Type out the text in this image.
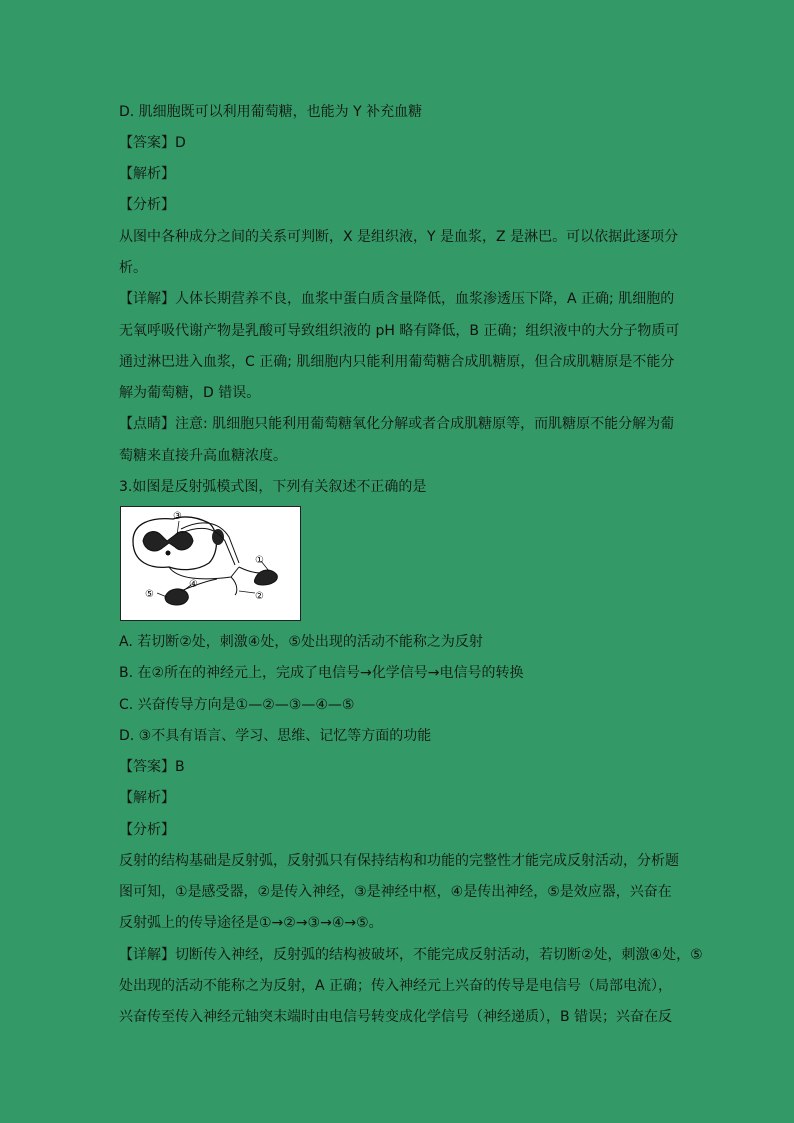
D. 肌细胞既可以利用葡萄糖，也能为 Y 补充血糖
【答案】D
【解析】
【分析】
从图中各种成分之间的关系可判断，X 是组织液，Y 是血浆，Z 是淋巴。可以依据此逐项分
析。
【详解】人体长期营养不良，血浆中蛋白质含量降低，血浆渗透压下降，A 正确; 肌细胞的
无氧呼吸代谢产物是乳酸可导致组织液的 pH 略有降低，B 正确；组织液中的大分子物质可
通过淋巴进入血浆，C 正确; 肌细胞内只能利用葡萄糖合成肌糖原，但合成肌糖原是不能分
解为葡萄糖，D 错误。
【点睛】注意: 肌细胞只能利用葡萄糖氧化分解或者合成肌糖原等，而肌糖原不能分解为葡
萄糖来直接升高血糖浓度。
3.如图是反射弧模式图，下列有关叙述不正确的是
③
①
④
⑤	②
A. 若切断②处，刺激④处，⑤处出现的活动不能称之为反射
B. 在②所在的神经元上，完成了电信号→化学信号→电信号的转换
C. 兴奋传导方向是①—②—③—④—⑤
D. ③不具有语言、学习、思维、记忆等方面的功能
【答案】B
【解析】
【分析】
反射的结构基础是反射弧，反射弧只有保持结构和功能的完整性才能完成反射活动，分析题
图可知，①是感受器，②是传入神经，③是神经中枢，④是传出神经，⑤是效应器，兴奋在
反射弧上的传导途径是①→②→③→④→⑤。
【详解】切断传入神经，反射弧的结构被破坏，不能完成反射活动，若切断②处，刺激④处，⑤
处出现的活动不能称之为反射，A 正确；传入神经元上兴奋的传导是电信号（局部电流），
兴奋传至传入神经元轴突末端时由电信号转变成化学信号（神经递质），B 错误；兴奋在反
